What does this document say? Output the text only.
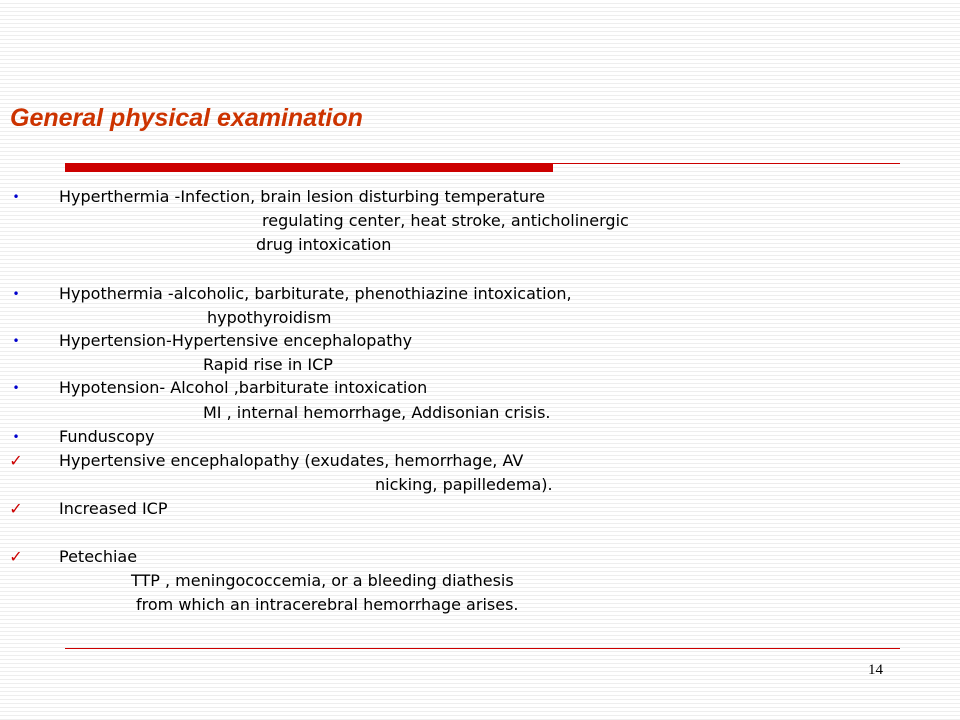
General physical examination
•	Hyperthermia -Infection, brain lesion disturbing temperature
regulating center, heat stroke, anticholinergic
drug intoxication
•	Hypothermia -alcoholic, barbiturate, phenothiazine intoxication,
hypothyroidism
•	Hypertension-Hypertensive encephalopathy
Rapid rise in ICP
•	Hypotension- Alcohol ,barbiturate intoxication
MI , internal hemorrhage, Addisonian crisis.
•	Funduscopy
✓ Hypertensive encephalopathy (exudates, hemorrhage, AV
nicking, papilledema).
✓ Increased ICP
✓ Petechiae
TTP , meningococcemia, or a bleeding diathesis
from which an intracerebral hemorrhage arises.
14
